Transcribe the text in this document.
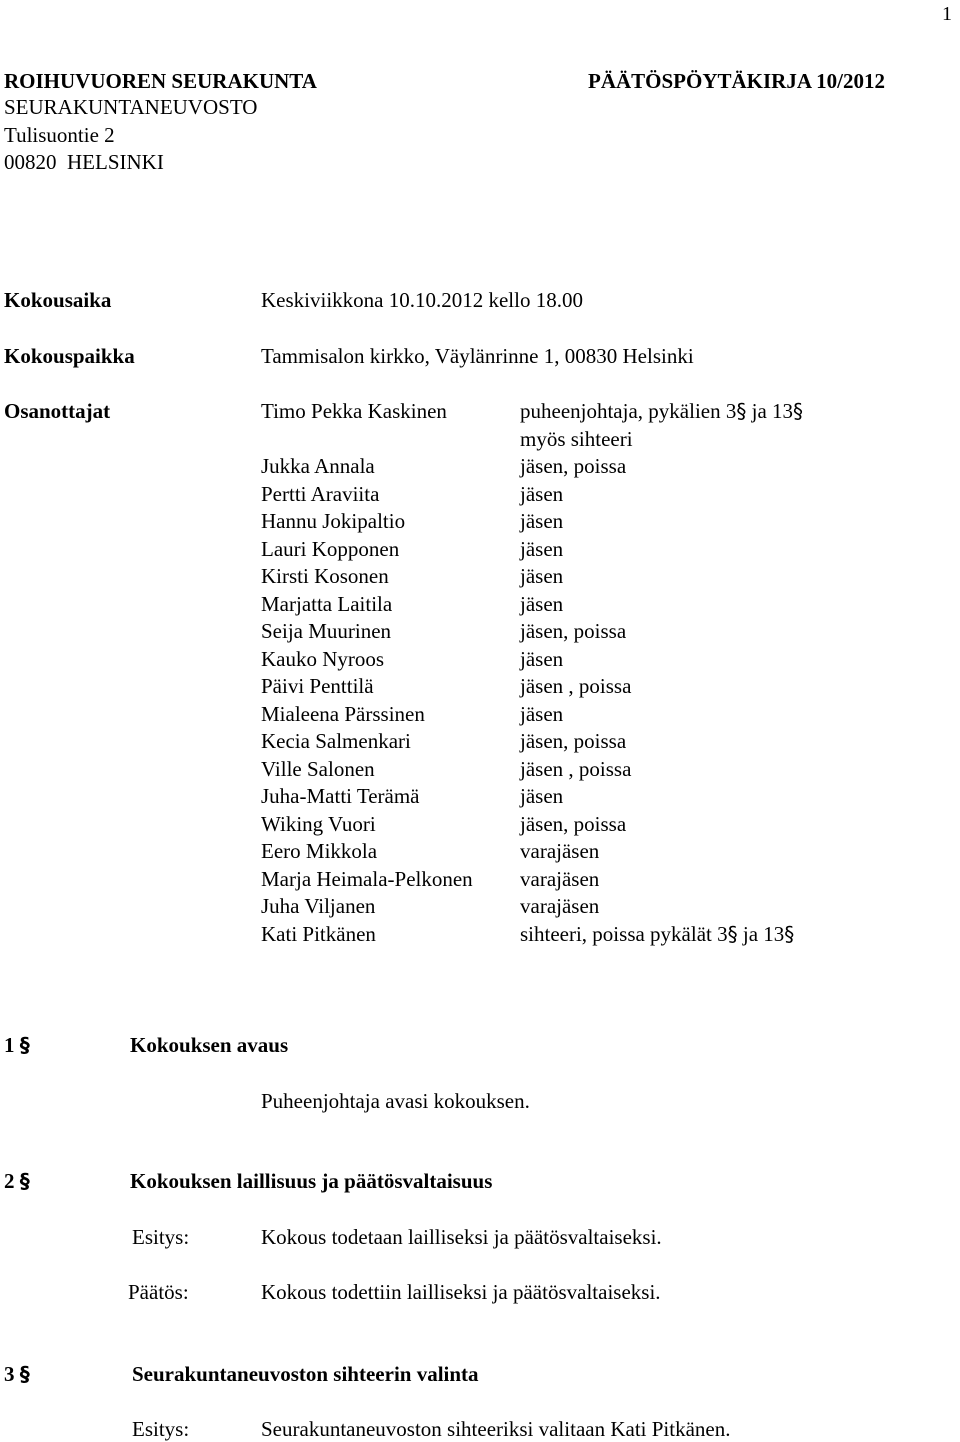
1
ROIHUVUOREN SEURAKUNTA	PÄÄTÖSPÖYTÄKIRJA 10/2012
SEURAKUNTANEUVOSTO
Tulisuontie 2
00820  HELSINKI
Kokousaika	Keskiviikkona 10.10.2012 kello 18.00
Kokouspaikka	Tammisalon kirkko, Väylänrinne 1, 00830 Helsinki
Osanottajat	Timo Pekka Kaskinen	puheenjohtaja, pykälien 3§ ja 13§
myös sihteeri
Jukka Annala	jäsen, poissa
Pertti Araviita	jäsen
Hannu Jokipaltio	jäsen
Lauri Kopponen	jäsen
Kirsti Kosonen	jäsen
Marjatta Laitila	jäsen
Seija Muurinen	jäsen, poissa
Kauko Nyroos	jäsen
Päivi Penttilä	jäsen , poissa
Mialeena Pärssinen	jäsen
Kecia Salmenkari	jäsen, poissa
Ville Salonen	jäsen , poissa
Juha-Matti Terämä	jäsen
Wiking Vuori	jäsen, poissa
Eero Mikkola	varajäsen
Marja Heimala-Pelkonen varajäsen
Juha Viljanen	varajäsen
Kati Pitkänen	sihteeri, poissa pykälät 3§ ja 13§
1 §	Kokouksen avaus
Puheenjohtaja avasi kokouksen.
2 §	Kokouksen laillisuus ja päätösvaltaisuus
Esitys:	Kokous todetaan lailliseksi ja päätösvaltaiseksi.
Päätös:	Kokous todettiin lailliseksi ja päätösvaltaiseksi.
3 §	Seurakuntaneuvoston sihteerin valinta
Esitys:	Seurakuntaneuvoston sihteeriksi valitaan Kati Pitkänen.
